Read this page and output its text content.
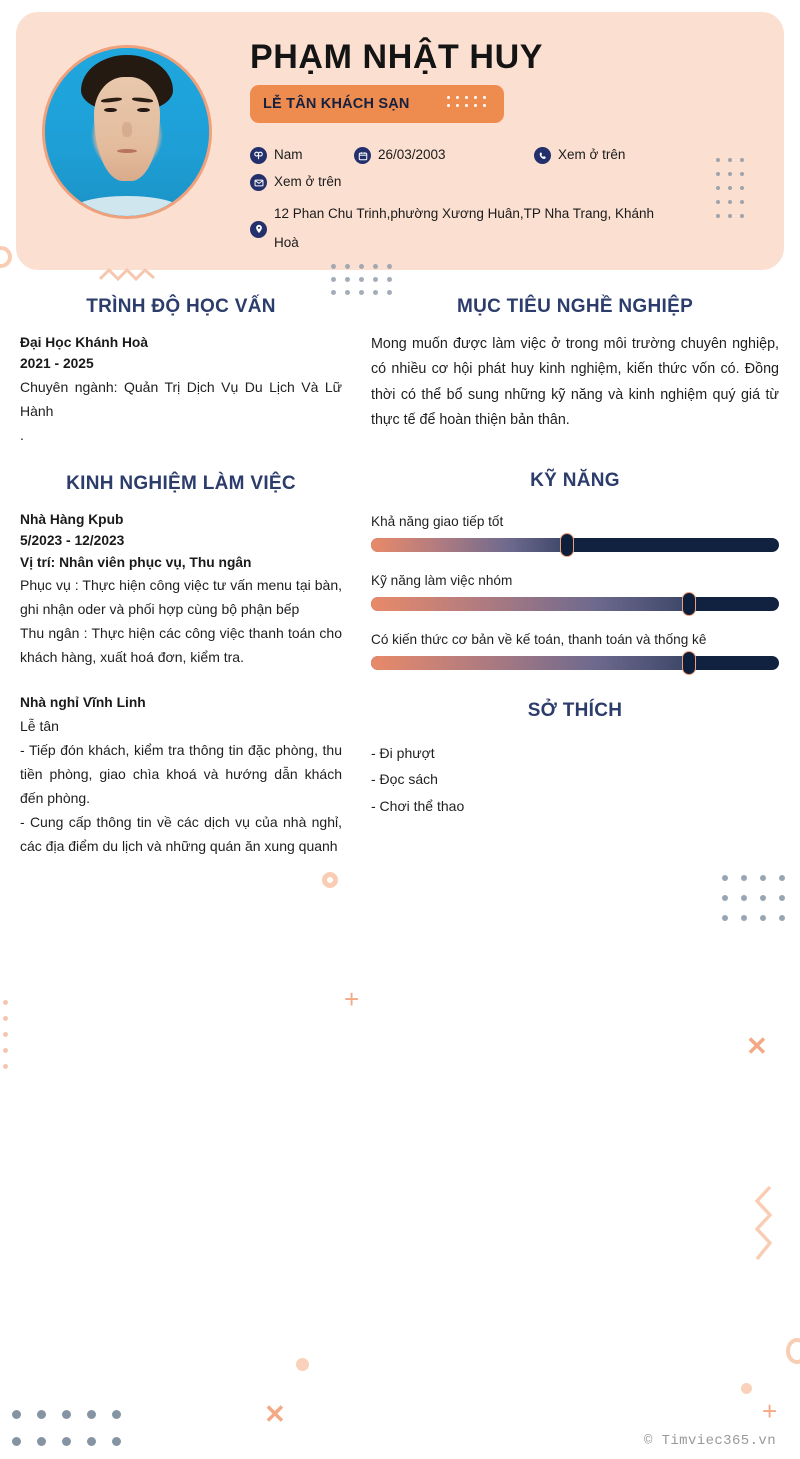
PHẠM NHẬT HUY
LỄ TÂN KHÁCH SẠN
Nam	26/03/2003	Xem ở trên
Xem ở trên
12 Phan Chu Trinh,phường Xương Huân,TP Nha Trang, Khánh Hoà
TRÌNH ĐỘ HỌC VẤN
Đại Học Khánh Hoà
2021 - 2025
Chuyên ngành: Quản Trị Dịch Vụ Du Lịch Và Lữ Hành
.
KINH NGHIỆM LÀM VIỆC
Nhà Hàng Kpub
5/2023 - 12/2023
Vị trí: Nhân viên phục vụ, Thu ngân
Phục vụ : Thực hiện công việc tư vấn menu tại bàn, ghi nhận oder và phối hợp cùng bộ phận bếp
Thu ngân : Thực hiện các công việc thanh toán cho khách hàng, xuất hoá đơn, kiểm tra.
Nhà nghỉ Vĩnh Linh
Lễ tân
- Tiếp đón khách, kiểm tra thông tin đặc phòng, thu tiền phòng, giao chìa khoá và hướng dẫn khách đến phòng.
- Cung cấp thông tin về các dịch vụ của nhà nghỉ, các địa điểm du lịch và những quán ăn xung quanh
MỤC TIÊU NGHỀ NGHIỆP
Mong muốn được làm việc ở trong môi trường chuyên nghiệp, có nhiều cơ hội phát huy kinh nghiệm, kiến thức vốn có. Đồng thời có thể bổ sung những kỹ năng và kinh nghiệm quý giá từ thực tế để hoàn thiện bản thân.
KỸ NĂNG
Khả năng giao tiếp tốt
Kỹ năng làm việc nhóm
Có kiến thức cơ bản về kế toán, thanh toán và thống kê
SỞ THÍCH
- Đi phượt
- Đọc sách
- Chơi thể thao
✕
✕
+
+
© Timviec365.vn
